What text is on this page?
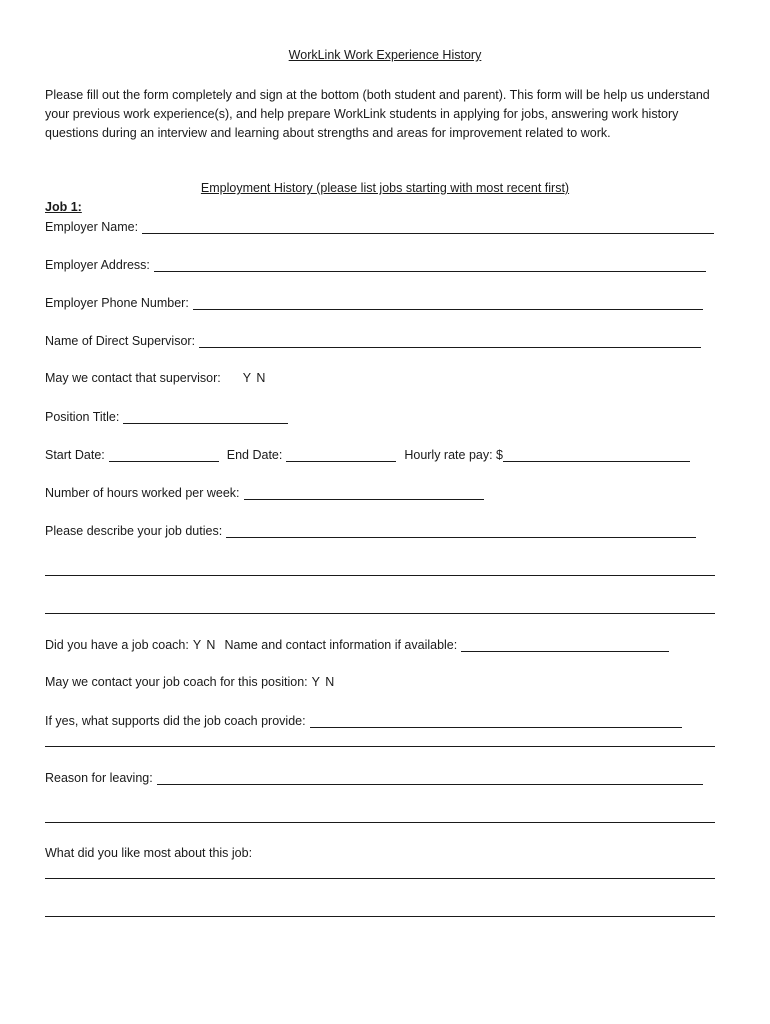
WorkLink Work Experience History
Please fill out the form completely and sign at the bottom (both student and parent). This form will be help us understand your previous work experience(s), and help prepare WorkLink students in applying for jobs, answering work history questions during an interview and learning about strengths and areas for improvement related to work.
Employment History (please list jobs starting with most recent first)
Job 1:
Employer Name:
Employer Address:
Employer Phone Number:
Name of Direct Supervisor:
May we contact that supervisor: Y N
Position Title:
Start Date:	End Date:	Hourly rate pay: $
Number of hours worked per week:
Please describe your job duties:
Did you have a job coach: Y N Name and contact information if available:
May we contact your job coach for this position: Y N
If yes, what supports did the job coach provide:
Reason for leaving:
What did you like most about this job:
